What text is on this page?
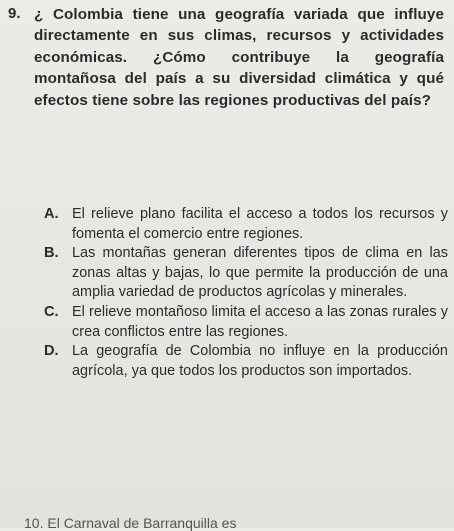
9. ¿ Colombia tiene una geografía variada que influye directamente en sus climas, recursos y actividades económicas. ¿Cómo contribuye la geografía montañosa del país a su diversidad climática y qué efectos tiene sobre las regiones productivas del país?
A. El relieve plano facilita el acceso a todos los recursos y fomenta el comercio entre regiones.
B. Las montañas generan diferentes tipos de clima en las zonas altas y bajas, lo que permite la producción de una amplia variedad de productos agrícolas y minerales.
C. El relieve montañoso limita el acceso a las zonas rurales y crea conflictos entre las regiones.
D. La geografía de Colombia no influye en la producción agrícola, ya que todos los productos son importados.
10. El Carnaval de Barranquilla es
